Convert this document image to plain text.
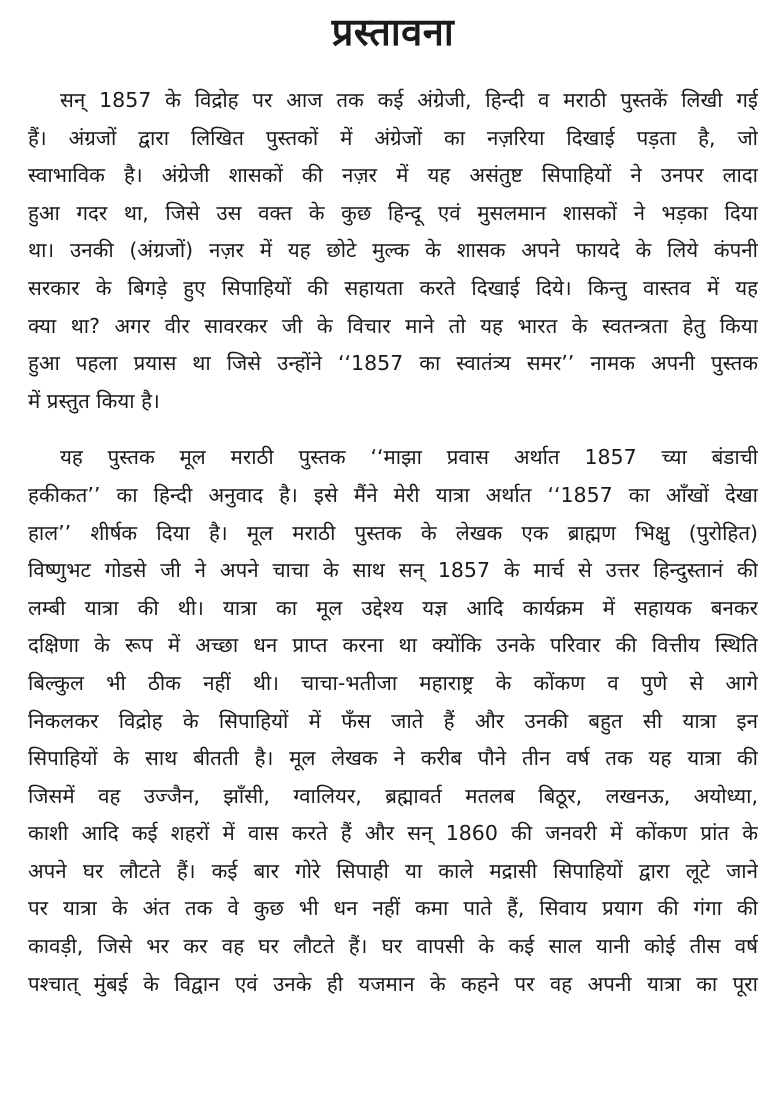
प्रस्तावना
सन् 1857 के विद्रोह पर आज तक कई अंग्रेजी, हिन्दी व मराठी पुस्तकें लिखी गई
हैं। अंग्रजों द्वारा लिखित पुस्तकों में अंग्रेजों का नज़रिया दिखाई पड़ता है, जो
स्वाभाविक है। अंग्रेजी शासकों की नज़र में यह असंतुष्ट सिपाहियों ने उनपर लादा
हुआ गदर था, जिसे उस वक्त के कुछ हिन्दू एवं मुसलमान शासकों ने भड़का दिया
था। उनकी (अंग्रजों) नज़र में यह छोटे मुल्क के शासक अपने फायदे के लिये कंपनी
सरकार के बिगड़े हुए सिपाहियों की सहायता करते दिखाई दिये। किन्तु वास्तव में यह
क्या था? अगर वीर सावरकर जी के विचार माने तो यह भारत के स्वतन्त्रता हेतु किया
हुआ पहला प्रयास था जिसे उन्होंने ‘‘1857 का स्वातंत्र्य समर’’ नामक अपनी पुस्तक
में प्रस्तुत किया है।
यह पुस्तक मूल मराठी पुस्तक ‘‘माझा प्रवास अर्थात 1857 च्या बंडाची
हकीकत’’ का हिन्दी अनुवाद है। इसे मैंने मेरी यात्रा अर्थात ‘‘1857 का आँखों देखा
हाल’’ शीर्षक दिया है। मूल मराठी पुस्तक के लेखक एक ब्राह्मण भिक्षु (पुरोहित)
विष्णुभट गोडसे जी ने अपने चाचा के साथ सन् 1857 के मार्च से उत्तर हिन्दुस्तानं की
लम्बी यात्रा की थी। यात्रा का मूल उद्देश्य यज्ञ आदि कार्यक्रम में सहायक बनकर
दक्षिणा के रूप में अच्छा धन प्राप्त करना था क्योंकि उनके परिवार की वित्तीय स्थिति
बिल्कुल भी ठीक नहीं थी। चाचा-भतीजा महाराष्ट्र के कोंकण व पुणे से आगे
निकलकर विद्रोह के सिपाहियों में फँस जाते हैं और उनकी बहुत सी यात्रा इन
सिपाहियों के साथ बीतती है। मूल लेखक ने करीब पौने तीन वर्ष तक यह यात्रा की
जिसमें वह उज्जैन, झाँसी, ग्वालियर, ब्रह्मावर्त मतलब बिठूर, लखनऊ, अयोध्या,
काशी आदि कई शहरों में वास करते हैं और सन् 1860 की जनवरी में कोंकण प्रांत के
अपने घर लौटते हैं। कई बार गोरे सिपाही या काले मद्रासी सिपाहियों द्वारा लूटे जाने
पर यात्रा के अंत तक वे कुछ भी धन नहीं कमा पाते हैं, सिवाय प्रयाग की गंगा की
कावड़ी, जिसे भर कर वह घर लौटते हैं। घर वापसी के कई साल यानी कोई तीस वर्ष
पश्चात् मुंबई के विद्वान एवं उनके ही यजमान के कहने पर वह अपनी यात्रा का पूरा
